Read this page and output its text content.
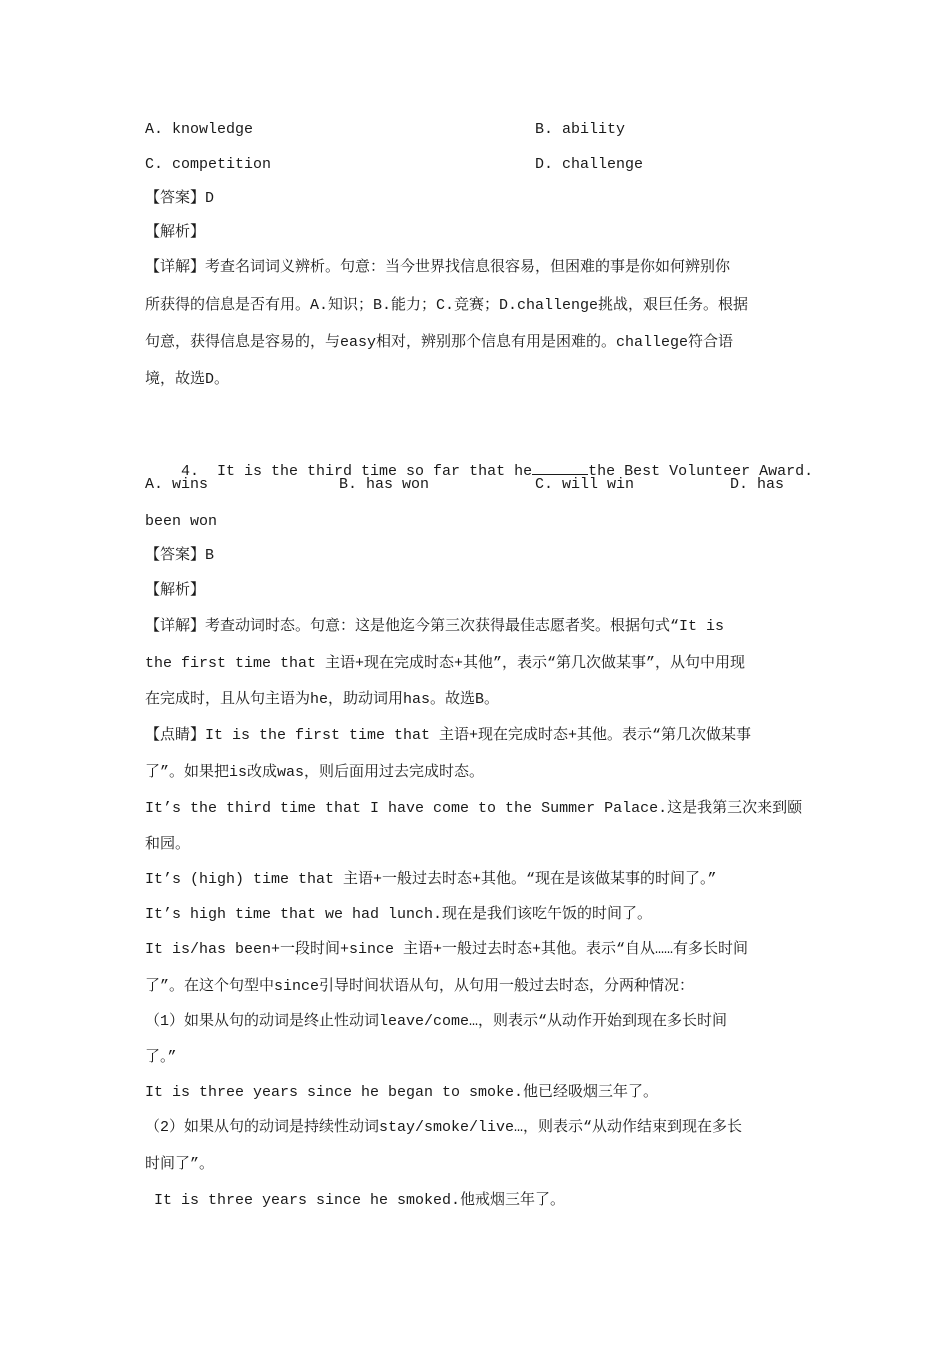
A. knowledge	B. ability
C. competition	D. challenge
【答案】D
【解析】
【详解】考查名词词义辨析。句意：当今世界找信息很容易，但困难的事是你如何辨别你
所获得的信息是否有用。A.知识；B.能力；C.竞赛；D.challenge挑战，艰巨任务。根据
句意，获得信息是容易的，与easy相对，辨别那个信息有用是困难的。challege符合语
境，故选D。

4.  It is the third time so far that he	the Best Volunteer Award.

A. wins	B. has won	C. will win	D. has
been won
【答案】B
【解析】
【详解】考查动词时态。句意：这是他迄今第三次获得最佳志愿者奖。根据句式“It is
the first time that 主语+现在完成时态+其他”，表示“第几次做某事”，从句中用现
在完成时，且从句主语为he，助动词用has。故选B。
【点睛】It is the first time that 主语+现在完成时态+其他。表示“第几次做某事
了”。如果把is改成was，则后面用过去完成时态。
It’s the third time that I have come to the Summer Palace.这是我第三次来到颐
和园。
It’s (high) time that 主语+一般过去时态+其他。“现在是该做某事的时间了。”
It’s high time that we had lunch.现在是我们该吃午饭的时间了。
It is/has been+一段时间+since 主语+一般过去时态+其他。表示“自从……有多长时间
了”。在这个句型中since引导时间状语从句，从句用一般过去时态，分两种情况：
（1）如果从句的动词是终止性动词leave/come…，则表示“从动作开始到现在多长时间
了。”
It is three years since he began to smoke.他已经吸烟三年了。
（2）如果从句的动词是持续性动词stay/smoke/live…，则表示“从动作结束到现在多长
时间了”。
It is three years since he smoked.他戒烟三年了。
